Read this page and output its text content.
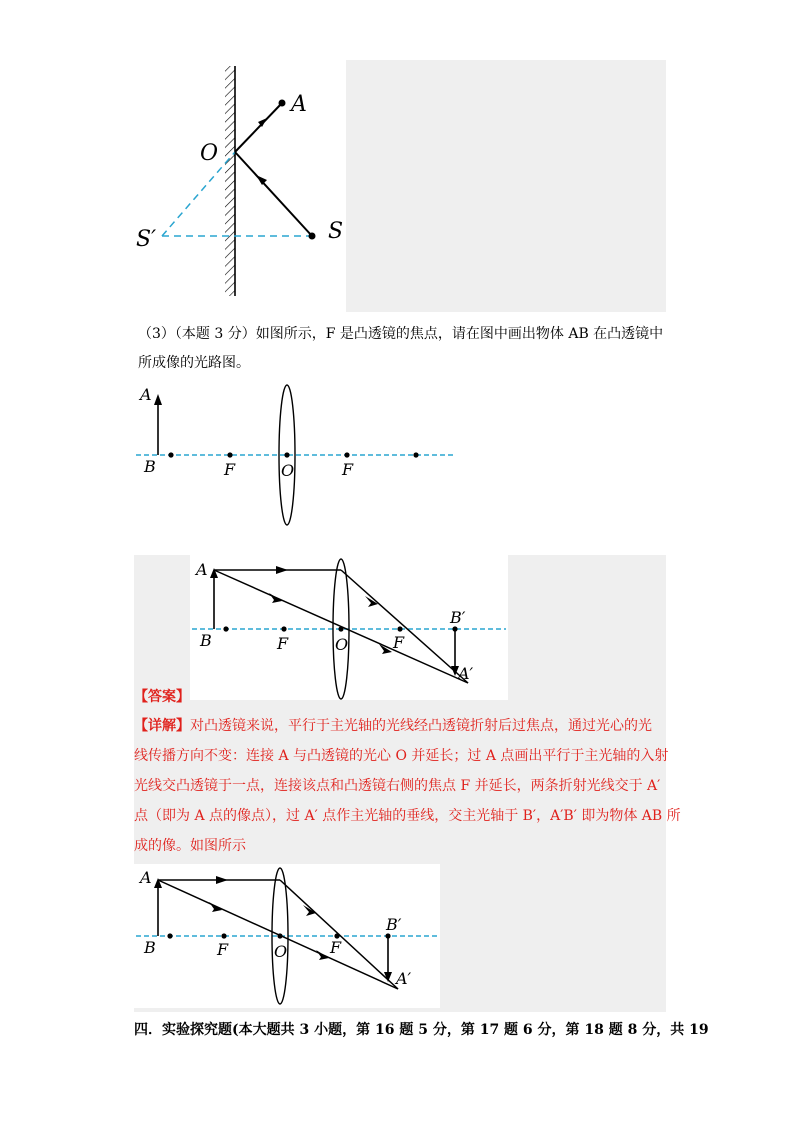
A
O
S
S′
（3）（本题 3 分）如图所示，F 是凸透镜的焦点，请在图中画出物体 AB 在凸透镜中
所成像的光路图。
A
B	F	O	F
A
B	F	O	F
B′
A′
【答案】
【详解】对凸透镜来说，平行于主光轴的光线经凸透镜折射后过焦点，通过光心的光
线传播方向不变：连接 A 与凸透镜的光心 O 并延长；过 A 点画出平行于主光轴的入射
光线交凸透镜于一点，连接该点和凸透镜右侧的焦点 F 并延长，两条折射光线交于 A′
点（即为 A 点的像点），过 A′ 点作主光轴的垂线，交主光轴于 B′，A′B′ 即为物体 AB 所
成的像。如图所示
A
B	F	O	F
B′
A′
四．实验探究题(本大题共 3 小题，第 16 题 5 分，第 17 题 6 分，第 18 题 8 分，共 19
